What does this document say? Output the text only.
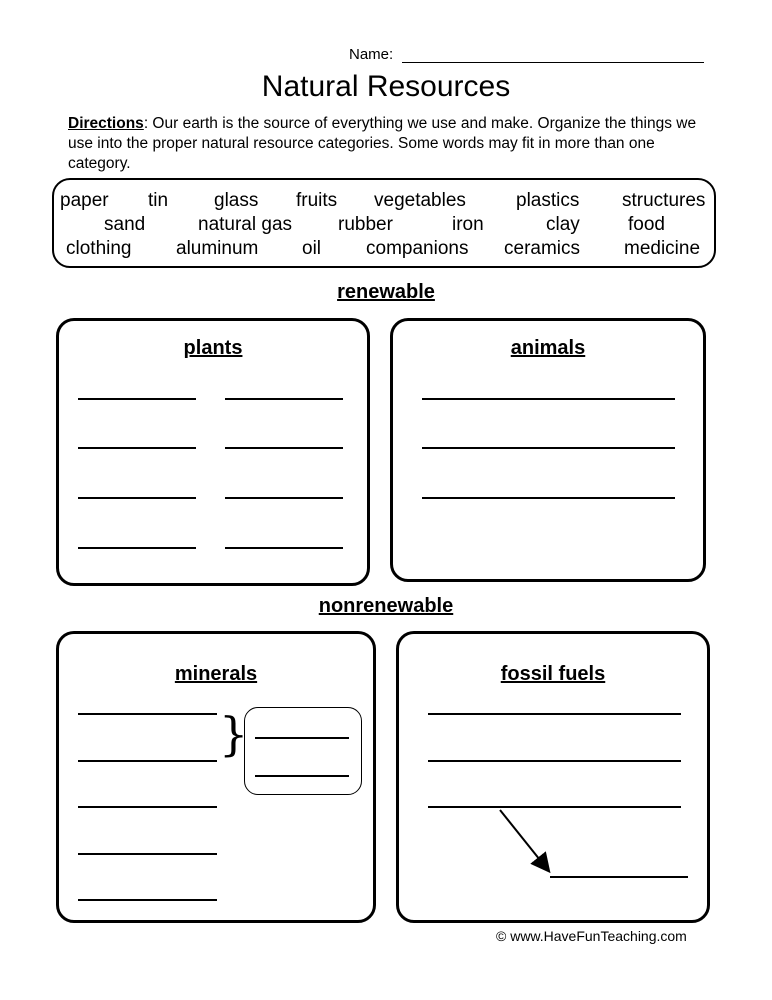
Name:
Natural Resources
Directions: Our earth is the source of everything we use and make. Organize the things we use into the proper natural resource categories. Some words may fit in more than one category.
paper tin glass fruits vegetables	plastics structures
sand	natural gas rubber	iron	clay	food
clothing aluminum oil companions ceramics medicine
renewable
plants	animals
nonrenewable
minerals
}
fossil fuels
© www.HaveFunTeaching.com
